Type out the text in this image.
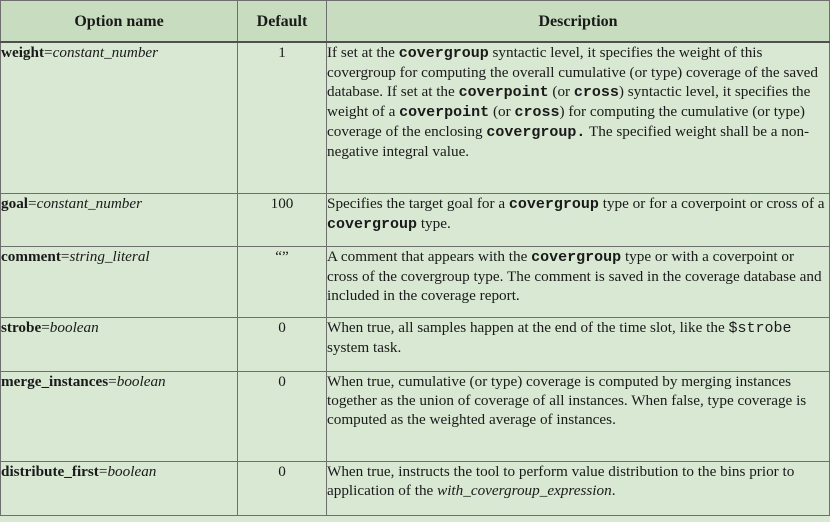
Option name	Default	Description
weight=constant_number	1	If set at the covergroup syntactic level, it specifies the weight of this covergroup for computing the overall cumulative (or type) coverage of the saved database. If set at the coverpoint (or cross) syntactic level, it specifies the weight of a coverpoint (or cross) for computing the cumulative (or type) coverage of the enclosing covergroup. The specified weight shall be a non-negative integral value.
goal=constant_number	100	Specifies the target goal for a covergroup type or for a coverpoint or cross of a covergroup type.
comment=string_literal	“”	A comment that appears with the covergroup type or with a coverpoint or cross of the covergroup type. The comment is saved in the coverage database and included in the coverage report.
strobe=boolean	0	When true, all samples happen at the end of the time slot, like the $strobe system task.
merge_instances=boolean	0	When true, cumulative (or type) coverage is computed by merging instances together as the union of coverage of all instances. When false, type coverage is computed as the weighted average of instances.
distribute_first=boolean	0	When true, instructs the tool to perform value distribution to the bins prior to application of the with_covergroup_expression.
